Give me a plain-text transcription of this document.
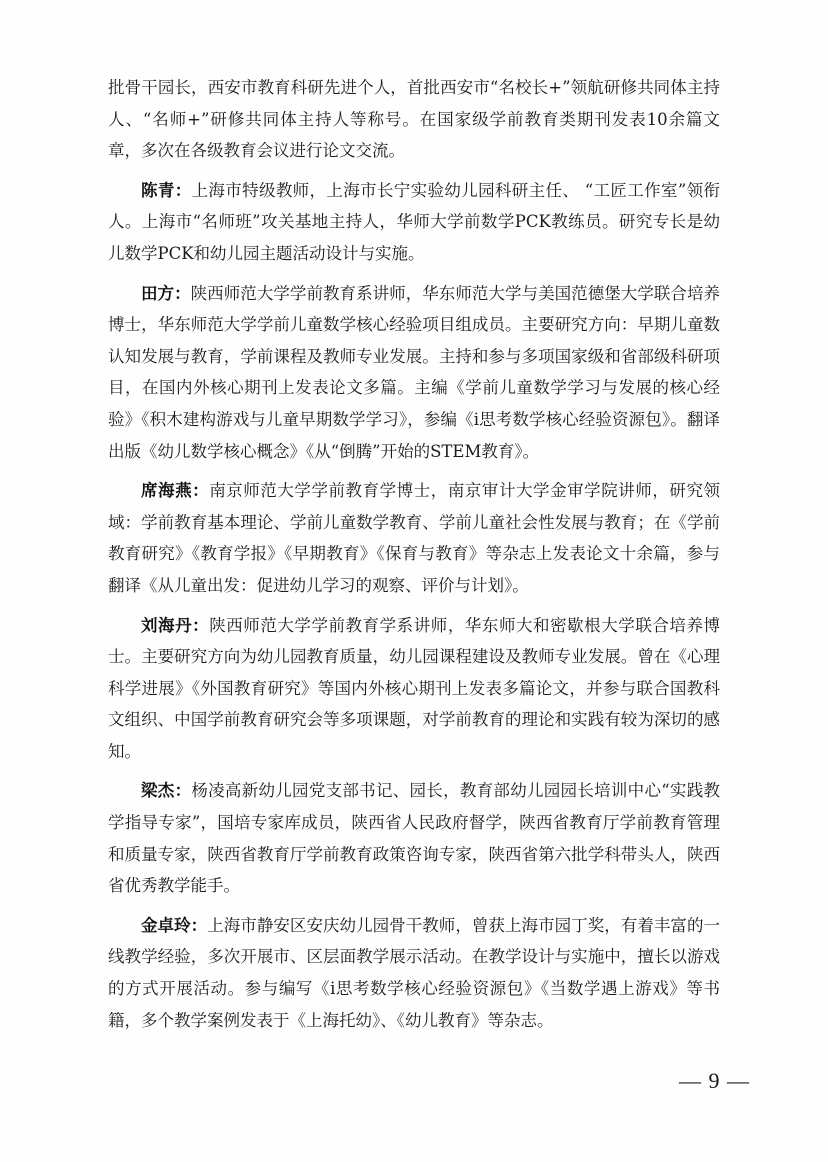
批骨干园长，西安市教育科研先进个人，首批西安市“名校长+”领航研修共同体主持人、“名师+”研修共同体主持人等称号。在国家级学前教育类期刊发表10余篇文章，多次在各级教育会议进行论文交流。

陈青：上海市特级教师，上海市长宁实验幼儿园科研主任、 “工匠工作室”领衔人。上海市“名师班”攻关基地主持人，华师大学前数学PCK教练员。研究专长是幼儿数学PCK和幼儿园主题活动设计与实施。

田方：陕西师范大学学前教育系讲师，华东师范大学与美国范德堡大学联合培养博士，华东师范大学学前儿童数学核心经验项目组成员。主要研究方向：早期儿童数认知发展与教育，学前课程及教师专业发展。主持和参与多项国家级和省部级科研项目，在国内外核心期刊上发表论文多篇。主编《学前儿童数学学习与发展的核心经验》《积木建构游戏与儿童早期数学学习》，参编《i思考数学核心经验资源包》。翻译出版《幼儿数学核心概念》《从“倒腾”开始的STEM教育》。

席海燕：南京师范大学学前教育学博士，南京审计大学金审学院讲师，研究领域：学前教育基本理论、学前儿童数学教育、学前儿童社会性发展与教育；在《学前教育研究》《教育学报》《早期教育》《保育与教育》等杂志上发表论文十余篇，参与翻译《从儿童出发：促进幼儿学习的观察、评价与计划》。

刘海丹：陕西师范大学学前教育学系讲师，华东师大和密歇根大学联合培养博士。主要研究方向为幼儿园教育质量，幼儿园课程建设及教师专业发展。曾在《心理科学进展》《外国教育研究》等国内外核心期刊上发表多篇论文，并参与联合国教科文组织、中国学前教育研究会等多项课题，对学前教育的理论和实践有较为深切的感知。

梁杰：杨凌高新幼儿园党支部书记、园长，教育部幼儿园园长培训中心“实践教学指导专家”，国培专家库成员，陕西省人民政府督学，陕西省教育厅学前教育管理和质量专家，陕西省教育厅学前教育政策咨询专家，陕西省第六批学科带头人，陕西省优秀教学能手。

金卓玲：上海市静安区安庆幼儿园骨干教师，曾获上海市园丁奖，有着丰富的一线教学经验，多次开展市、区层面教学展示活动。在教学设计与实施中，擅长以游戏的方式开展活动。参与编写《i思考数学核心经验资源包》《当数学遇上游戏》等书籍，多个教学案例发表于《上海托幼》、《幼儿教育》等杂志。

— 9 —
